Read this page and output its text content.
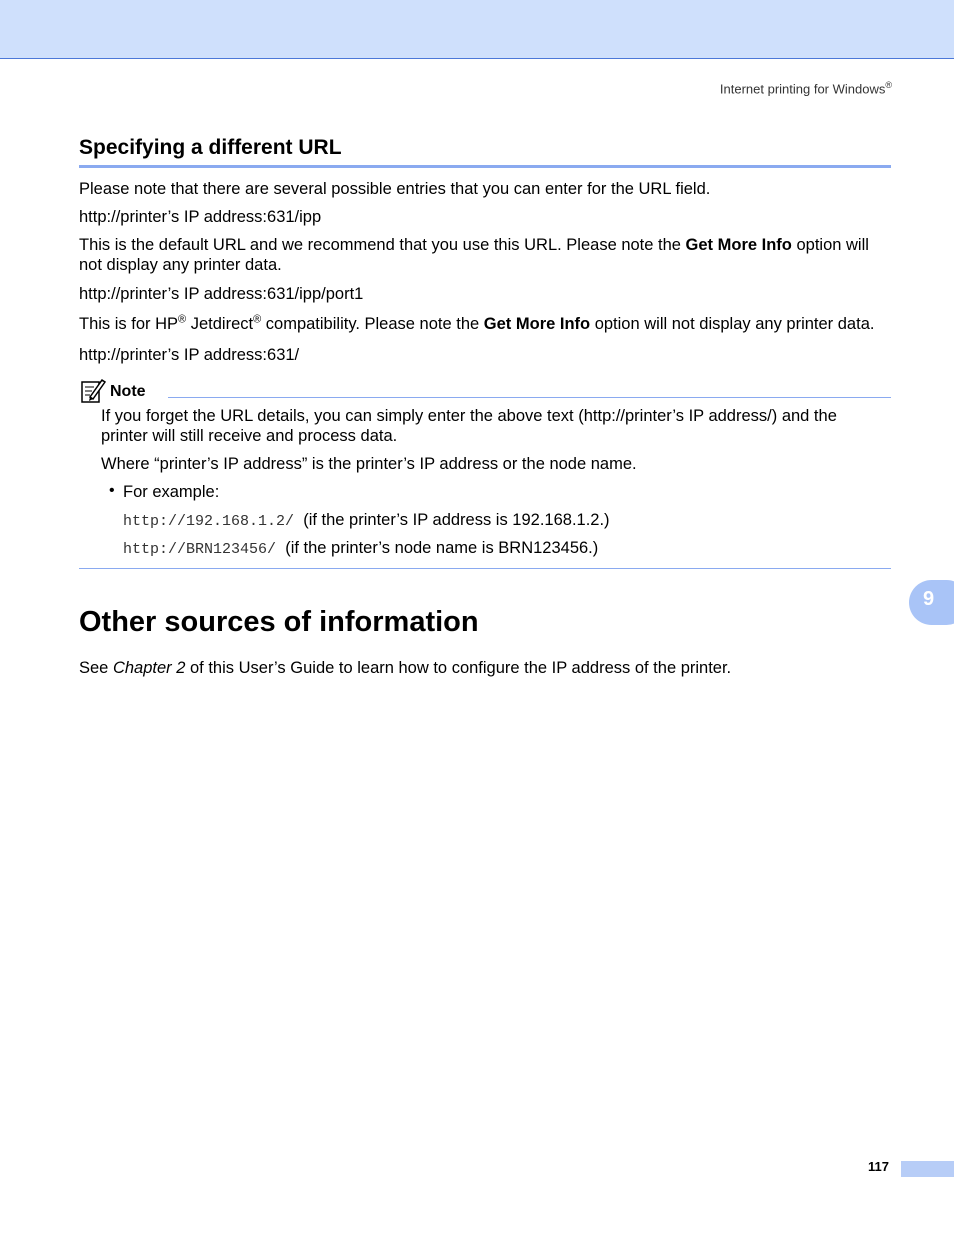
Internet printing for Windows®
Specifying a different URL

Please note that there are several possible entries that you can enter for the URL field.

http://printer’s IP address:631/ipp

This is the default URL and we recommend that you use this URL. Please note the Get More Info option will not display any printer data.

http://printer’s IP address:631/ipp/port1

This is for HP® Jetdirect® compatibility. Please note the Get More Info option will not display any printer data.

http://printer’s IP address:631/

Note

If you forget the URL details, you can simply enter the above text (http://printer’s IP address/) and the printer will still receive and process data.

Where “printer’s IP address” is the printer’s IP address or the node name.

• For example:

http://192.168.1.2/ (if the printer’s IP address is 192.168.1.2.)

http://BRN123456/ (if the printer’s node name is BRN123456.)

9
Other sources of information

See Chapter 2 of this User’s Guide to learn how to configure the IP address of the printer.

117
